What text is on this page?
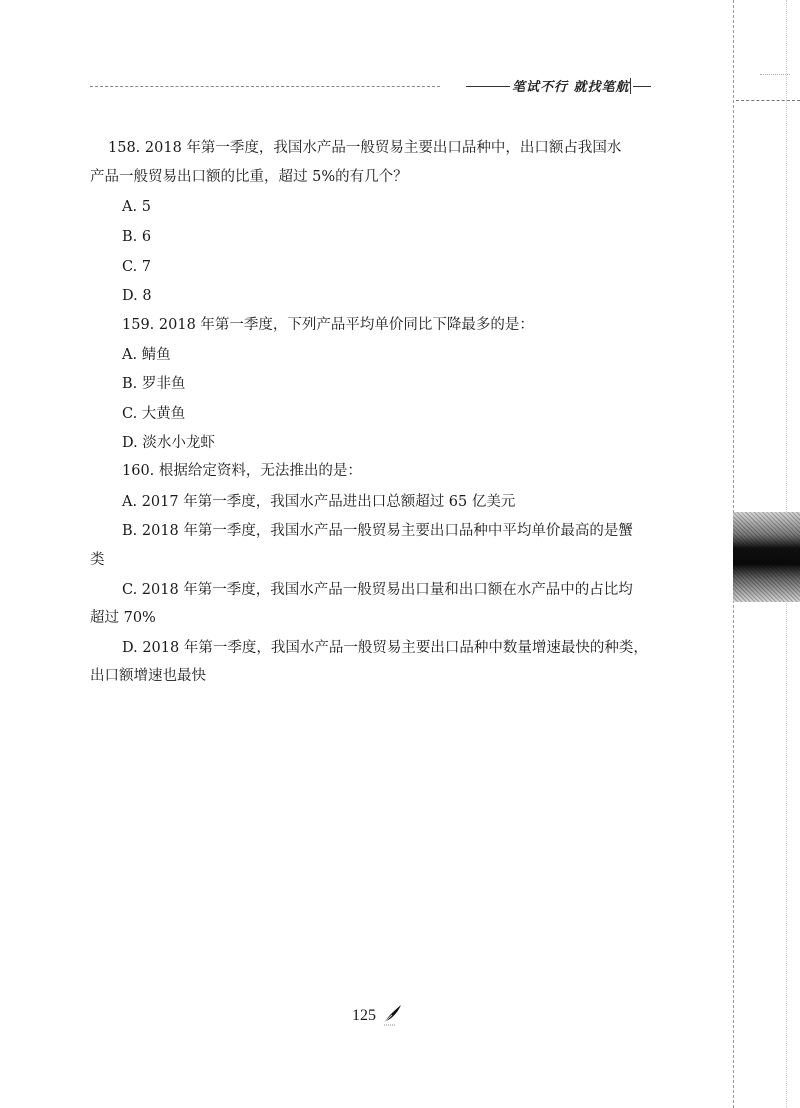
笔试不行 就找笔航
158. 2018 年第一季度，我国水产品一般贸易主要出口品种中，出口额占我国水
产品一般贸易出口额的比重，超过 5%的有几个？
A. 5
B. 6
C. 7
D. 8
159. 2018 年第一季度，下列产品平均单价同比下降最多的是：
A. 鲭鱼
B. 罗非鱼
C. 大黄鱼
D. 淡水小龙虾
160. 根据给定资料，无法推出的是：
A. 2017 年第一季度，我国水产品进出口总额超过 65 亿美元
B. 2018 年第一季度，我国水产品一般贸易主要出口品种中平均单价最高的是蟹
类
C. 2018 年第一季度，我国水产品一般贸易出口量和出口额在水产品中的占比均
超过 70%
D. 2018 年第一季度，我国水产品一般贸易主要出口品种中数量增速最快的种类，
出口额增速也最快
125
